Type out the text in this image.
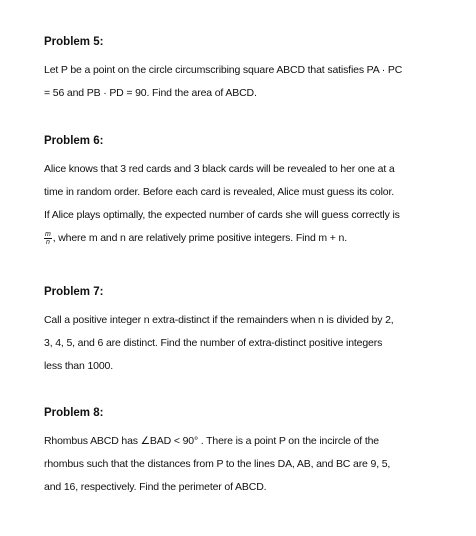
Problem 5:
Let P be a point on the circle circumscribing square ABCD that satisfies PA · PC
= 56 and PB · PD = 90. Find the area of ABCD.
Problem 6:
Alice knows that 3 red cards and 3 black cards will be revealed to her one at a
time in random order. Before each card is revealed, Alice must guess its color.
If Alice plays optimally, the expected number of cards she will guess correctly is
$\frac{m}{n}$ , where m and n are relatively prime positive integers. Find m + n.
Problem 7:
Call a positive integer n extra-distinct if the remainders when n is divided by 2,
3, 4, 5, and 6 are distinct. Find the number of extra-distinct positive integers
less than 1000.
Problem 8:
Rhombus ABCD has ∠BAD < 90° . There is a point P on the incircle of the
rhombus such that the distances from P to the lines DA, AB, and BC are 9, 5,
and 16, respectively. Find the perimeter of ABCD.
